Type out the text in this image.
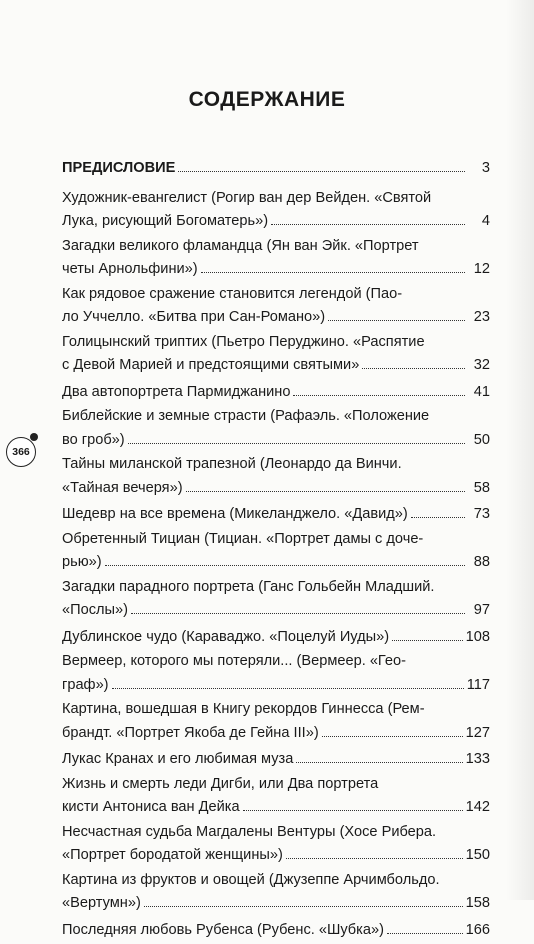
СОДЕРЖАНИЕ
ПРЕДИСЛОВИЕ	3
Художник-евангелист (Рогир ван дер Вейден. «Святой
Лука, рисующий Богоматерь»)	4
Загадки великого фламандца (Ян ван Эйк. «Портрет
четы Арнольфини»)	12
Как рядовое сражение становится легендой (Пао-
ло Уччелло. «Битва при Сан-Романо»)	23
Голицынский триптих (Пьетро Перуджино. «Распятие
с Девой Марией и предстоящими святыми»	32
Два автопортрета Пармиджанино	41
Библейские и земные страсти (Рафаэль. «Положение
во гроб»)	50
Тайны миланской трапезной (Леонардо да Винчи.
«Тайная вечеря»)	58
Шедевр на все времена (Микеланджело. «Давид»)	73
Обретенный Тициан (Тициан. «Портрет дамы с доче-
рью»)	88
Загадки парадного портрета (Ганс Гольбейн Младший.
«Послы»)	97
Дублинское чудо (Караваджо. «Поцелуй Иуды»)	108
Вермеер, которого мы потеряли... (Вермеер. «Гео-
граф»)	117
Картина, вошедшая в Книгу рекордов Гиннесса (Рем-
брандт. «Портрет Якоба де Гейна III»)	127
Лукас Кранах и его любимая муза	133
Жизнь и смерть леди Дигби, или Два портрета
кисти Антониса ван Дейка	142
Несчастная судьба Магдалены Вентуры (Хосе Рибера.
«Портрет бородатой женщины»)	150
Картина из фруктов и овощей (Джузеппе Арчимбольдо.
«Вертумн»)	158
Последняя любовь Рубенса (Рубенс. «Шубка»)	166
366
